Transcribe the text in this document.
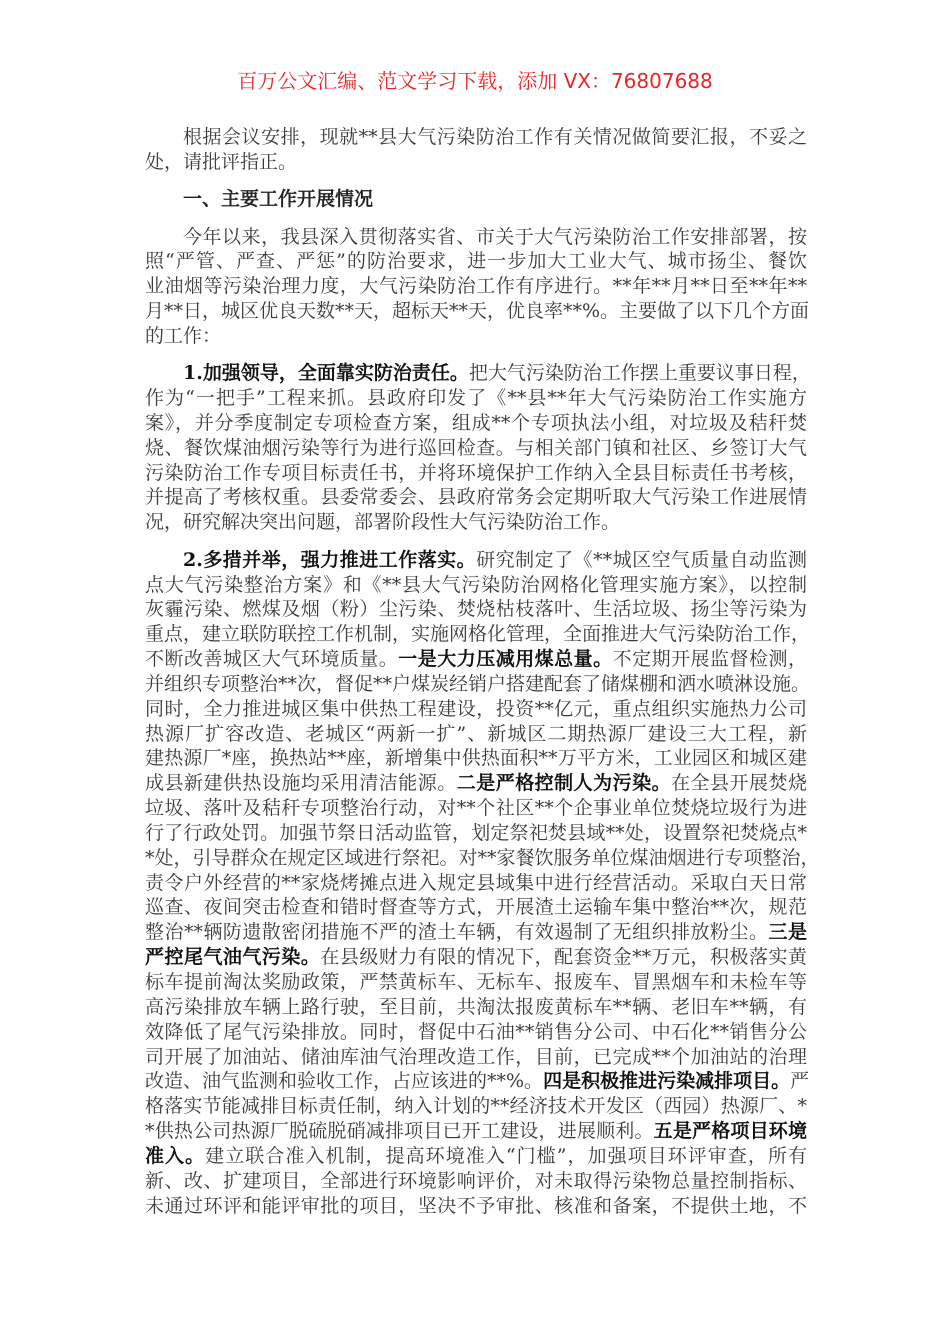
百万公文汇编、范文学习下载，添加 VX：76807688
根据会议安排，现就**县大气污染防治工作有关情况做简要汇报，不妥之
处，请批评指正。
一、主要工作开展情况
今年以来，我县深入贯彻落实省、市关于大气污染防治工作安排部署，按
照“严管、严查、严惩”的防治要求，进一步加大工业大气、城市扬尘、餐饮
业油烟等污染治理力度，大气污染防治工作有序进行。**年**月**日至**年**
月**日，城区优良天数**天，超标天**天，优良率**%。主要做了以下几个方面
的工作：
1.加强领导，全面靠实防治责任。把大气污染防治工作摆上重要议事日程，
作为“一把手”工程来抓。县政府印发了《**县**年大气污染防治工作实施方
案》，并分季度制定专项检查方案，组成**个专项执法小组，对垃圾及秸秆焚
烧、餐饮煤油烟污染等行为进行巡回检查。与相关部门镇和社区、乡签订大气
污染防治工作专项目标责任书，并将环境保护工作纳入全县目标责任书考核，
并提高了考核权重。县委常委会、县政府常务会定期听取大气污染工作进展情
况，研究解决突出问题，部署阶段性大气污染防治工作。
2.多措并举，强力推进工作落实。研究制定了《**城区空气质量自动监测
点大气污染整治方案》和《**县大气污染防治网格化管理实施方案》，以控制
灰霾污染、燃煤及烟（粉）尘污染、焚烧枯枝落叶、生活垃圾、扬尘等污染为
重点，建立联防联控工作机制，实施网格化管理，全面推进大气污染防治工作，
不断改善城区大气环境质量。一是大力压减用煤总量。不定期开展监督检测，
并组织专项整治**次，督促**户煤炭经销户搭建配套了储煤棚和洒水喷淋设施。
同时，全力推进城区集中供热工程建设，投资**亿元，重点组织实施热力公司
热源厂扩容改造、老城区“两新一扩”、新城区二期热源厂建设三大工程，新
建热源厂*座，换热站**座，新增集中供热面积**万平方米，工业园区和城区建
成县新建供热设施均采用清洁能源。二是严格控制人为污染。在全县开展焚烧
垃圾、落叶及秸秆专项整治行动，对**个社区**个企事业单位焚烧垃圾行为进
行了行政处罚。加强节祭日活动监管，划定祭祀焚县域**处，设置祭祀焚烧点*
*处，引导群众在规定区域进行祭祀。对**家餐饮服务单位煤油烟进行专项整治，
责令户外经营的**家烧烤摊点进入规定县域集中进行经营活动。采取白天日常
巡查、夜间突击检查和错时督查等方式，开展渣土运输车集中整治**次，规范
整治**辆防遗散密闭措施不严的渣土车辆，有效遏制了无组织排放粉尘。三是
严控尾气油气污染。在县级财力有限的情况下，配套资金**万元，积极落实黄
标车提前淘汰奖励政策，严禁黄标车、无标车、报废车、冒黑烟车和未检车等
高污染排放车辆上路行驶，至目前，共淘汰报废黄标车**辆、老旧车**辆，有
效降低了尾气污染排放。同时，督促中石油**销售分公司、中石化**销售分公
司开展了加油站、储油库油气治理改造工作，目前，已完成**个加油站的治理
改造、油气监测和验收工作，占应该进的**%。四是积极推进污染减排项目。严
格落实节能减排目标责任制，纳入计划的**经济技术开发区（西园）热源厂、*
*供热公司热源厂脱硫脱硝减排项目已开工建设，进展顺利。五是严格项目环境
准入。建立联合准入机制，提高环境准入“门槛”，加强项目环评审查，所有
新、改、扩建项目，全部进行环境影响评价，对未取得污染物总量控制指标、
未通过环评和能评审批的项目，坚决不予审批、核准和备案，不提供土地，不
